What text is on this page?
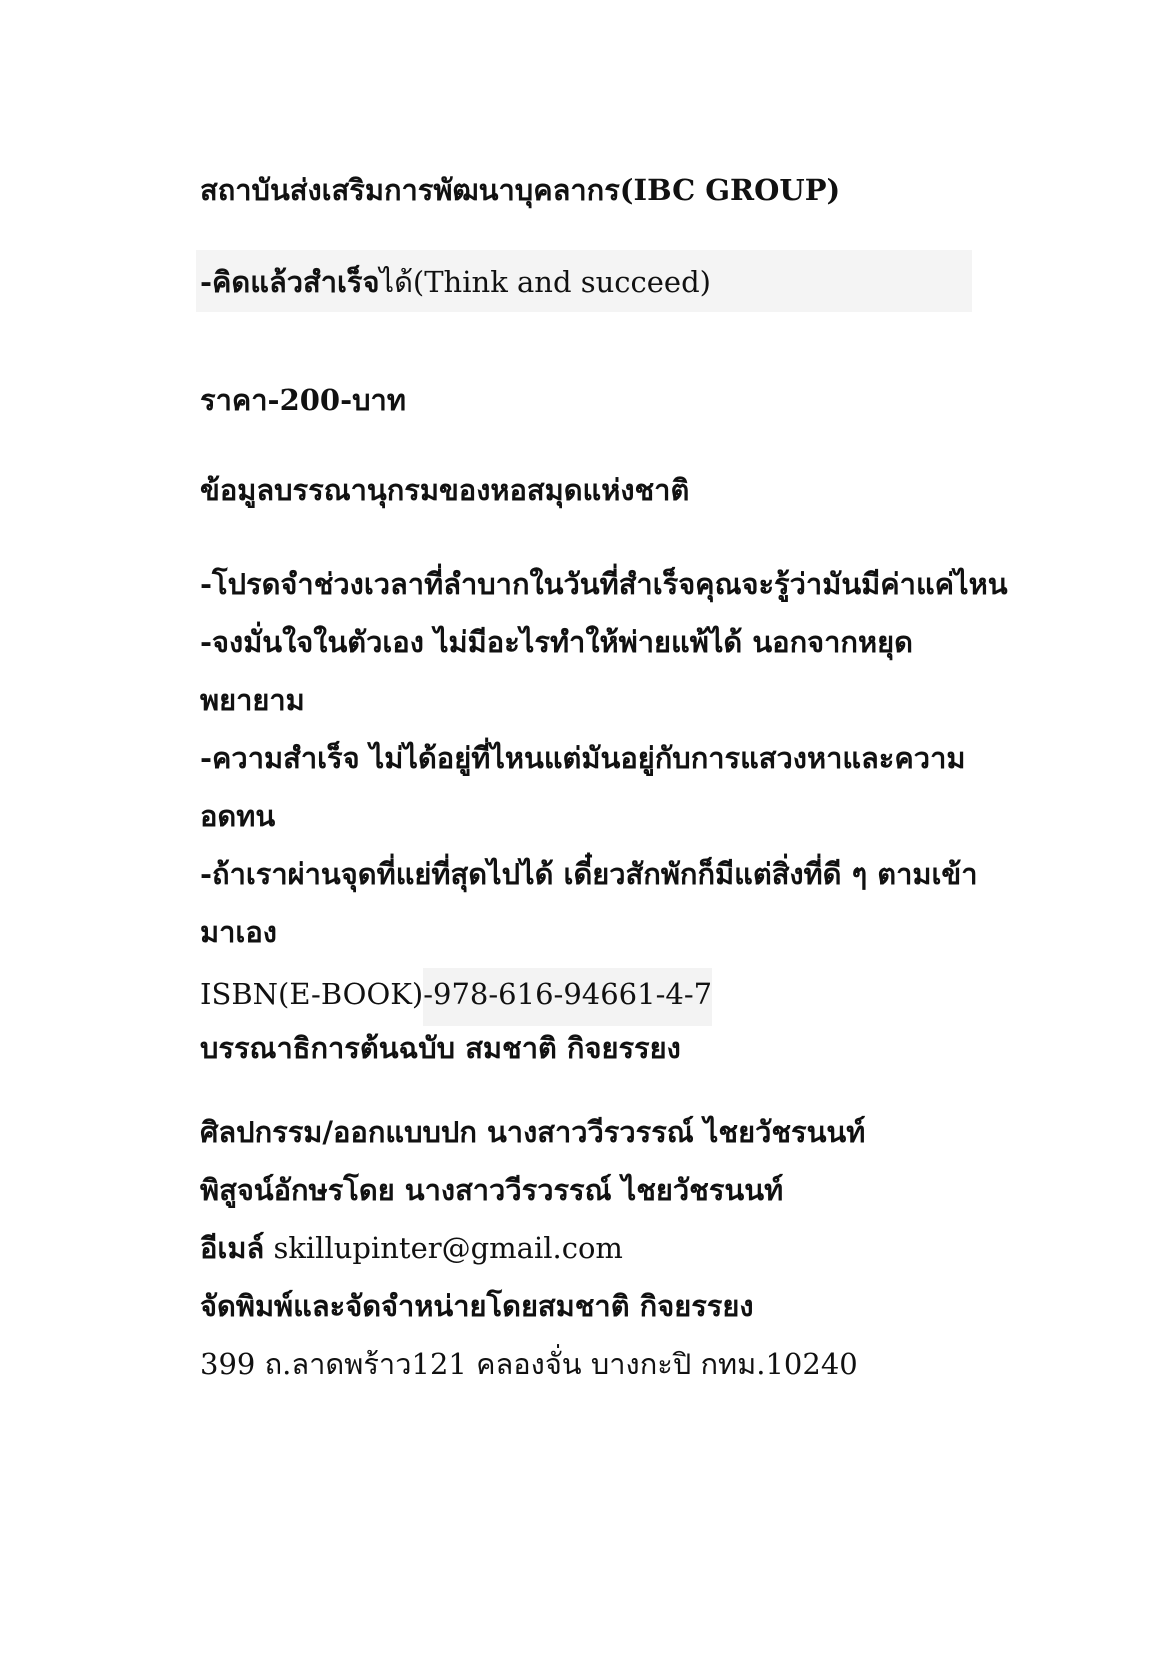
สถาบันส่งเสริมการพัฒนาบุคลากร(IBC GROUP)
-คิดแล้วสำเร็จได้(Think and succeed)
ราคา-200-บาท
ข้อมูลบรรณานุกรมของหอสมุดแห่งชาติ
-โปรดจำช่วงเวลาที่ลำบากในวันที่สำเร็จคุณจะรู้ว่ามันมีค่าแค่ไหน
-จงมั่นใจในตัวเอง ไม่มีอะไรทำให้พ่ายแพ้ได้ นอกจากหยุด
พยายาม
-ความสำเร็จ ไม่ได้อยู่ที่ไหนแต่มันอยู่กับการแสวงหาและความ
อดทน
-ถ้าเราผ่านจุดที่แย่ที่สุดไปได้ เดี๋ยวสักพักก็มีแต่สิ่งที่ดี ๆ ตามเข้า
มาเอง
ISBN(E-BOOK)-978-616-94661-4-7
บรรณาธิการต้นฉบับ สมชาติ กิจยรรยง
ศิลปกรรม/ออกแบบปก นางสาววีรวรรณ์ ไชยวัชรนนท์
พิสูจน์อักษรโดย นางสาววีรวรรณ์ ไชยวัชรนนท์
อีเมล์ skillupinter@gmail.com
จัดพิมพ์และจัดจำหน่ายโดยสมชาติ กิจยรรยง
399 ถ.ลาดพร้าว121 คลองจั่น บางกะปิ กทม.10240
